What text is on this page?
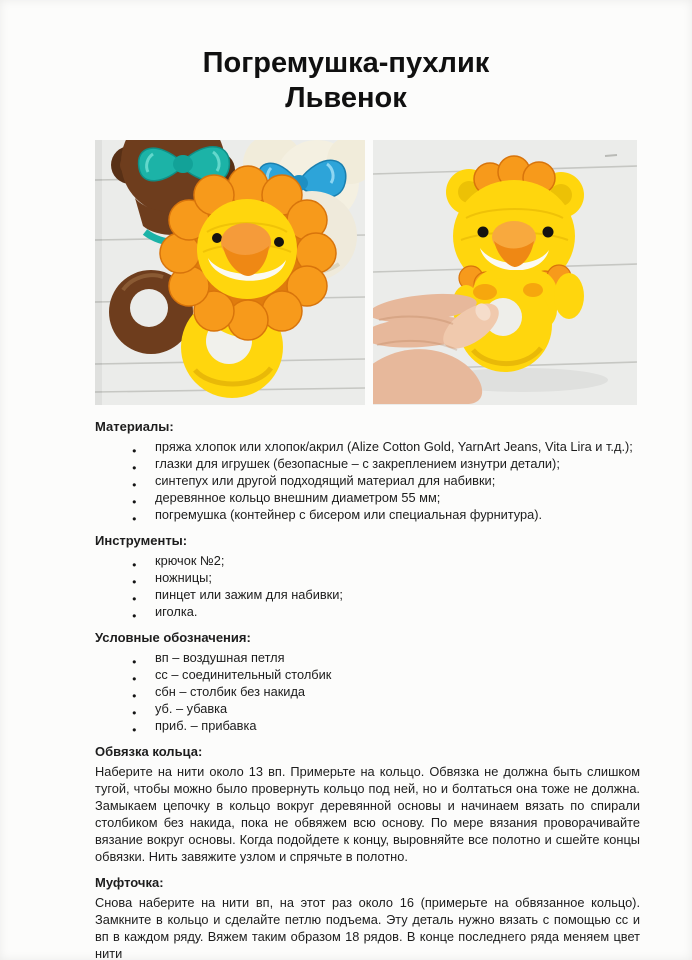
Погремушка-пухлик
Львенок
Материалы:
● пряжа хлопок или хлопок/акрил (Alize Cotton Gold, YarnArt Jeans, Vita Lira и т.д.);
● глазки для игрушек (безопасные – с закреплением изнутри детали);
● синтепух или другой подходящий материал для набивки;
● деревянное кольцо внешним диаметром 55 мм;
● погремушка (контейнер с бисером или специальная фурнитура).
Инструменты:
● крючок №2;
● ножницы;
● пинцет или зажим для набивки;
● иголка.
Условные обозначения:
● вп – воздушная петля
● сс – соединительный столбик
● сбн – столбик без накида
● уб. – убавка
● приб. – прибавка
Обвязка кольца:

Наберите на нити около 13 вп. Примерьте на кольцо. Обвязка не должна быть слишком тугой, чтобы можно было провернуть кольцо под ней, но и болтаться она тоже не должна. Замыкаем цепочку в кольцо вокруг деревянной основы и начинаем вязать по спирали столбиком без накида, пока не обвяжем всю основу. По мере вязания проворачивайте вязание вокруг основы. Когда подойдете к концу, выровняйте все полотно и сшейте концы обвязки. Нить завяжите узлом и спрячьте в полотно.

Муфточка:

Снова наберите на нити вп, на этот раз около 16 (примерьте на обвязанное кольцо). Замкните в кольцо и сделайте петлю подъема. Эту деталь нужно вязать с помощью сс и вп в каждом ряду. Вяжем таким образом 18 рядов. В конце последнего ряда меняем цвет нити
